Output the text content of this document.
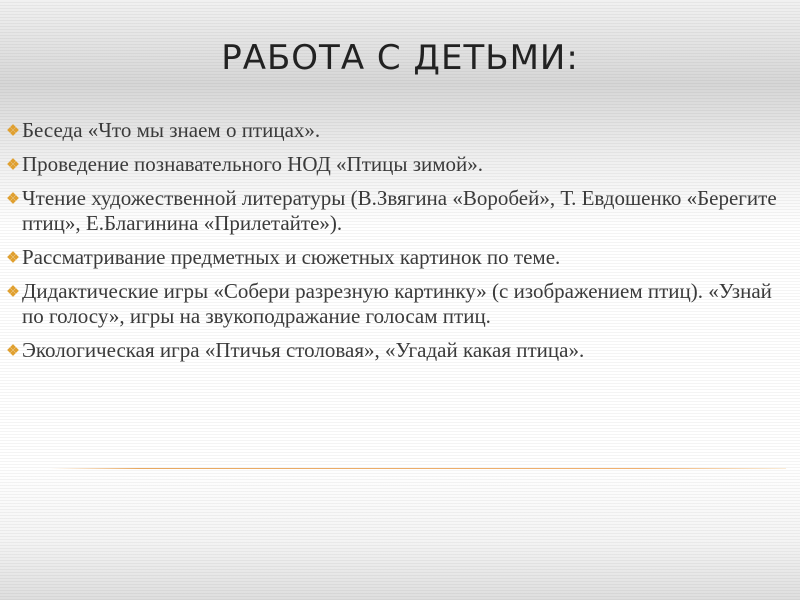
РАБОТА С ДЕТЬМИ:
Беседа «Что мы знаем о птицах».
Проведение познавательного НОД «Птицы зимой».
Чтение художественной литературы (В.Звягина «Воробей», Т. Евдошенко «Берегите птиц», Е.Благинина «Прилетайте»).
Рассматривание предметных и сюжетных картинок по теме.
Дидактические игры «Собери разрезную картинку» (с изображением птиц). «Узнай по голосу», игры на звукоподражание голосам птиц.
Экологическая игра «Птичья столовая», «Угадай какая птица».
